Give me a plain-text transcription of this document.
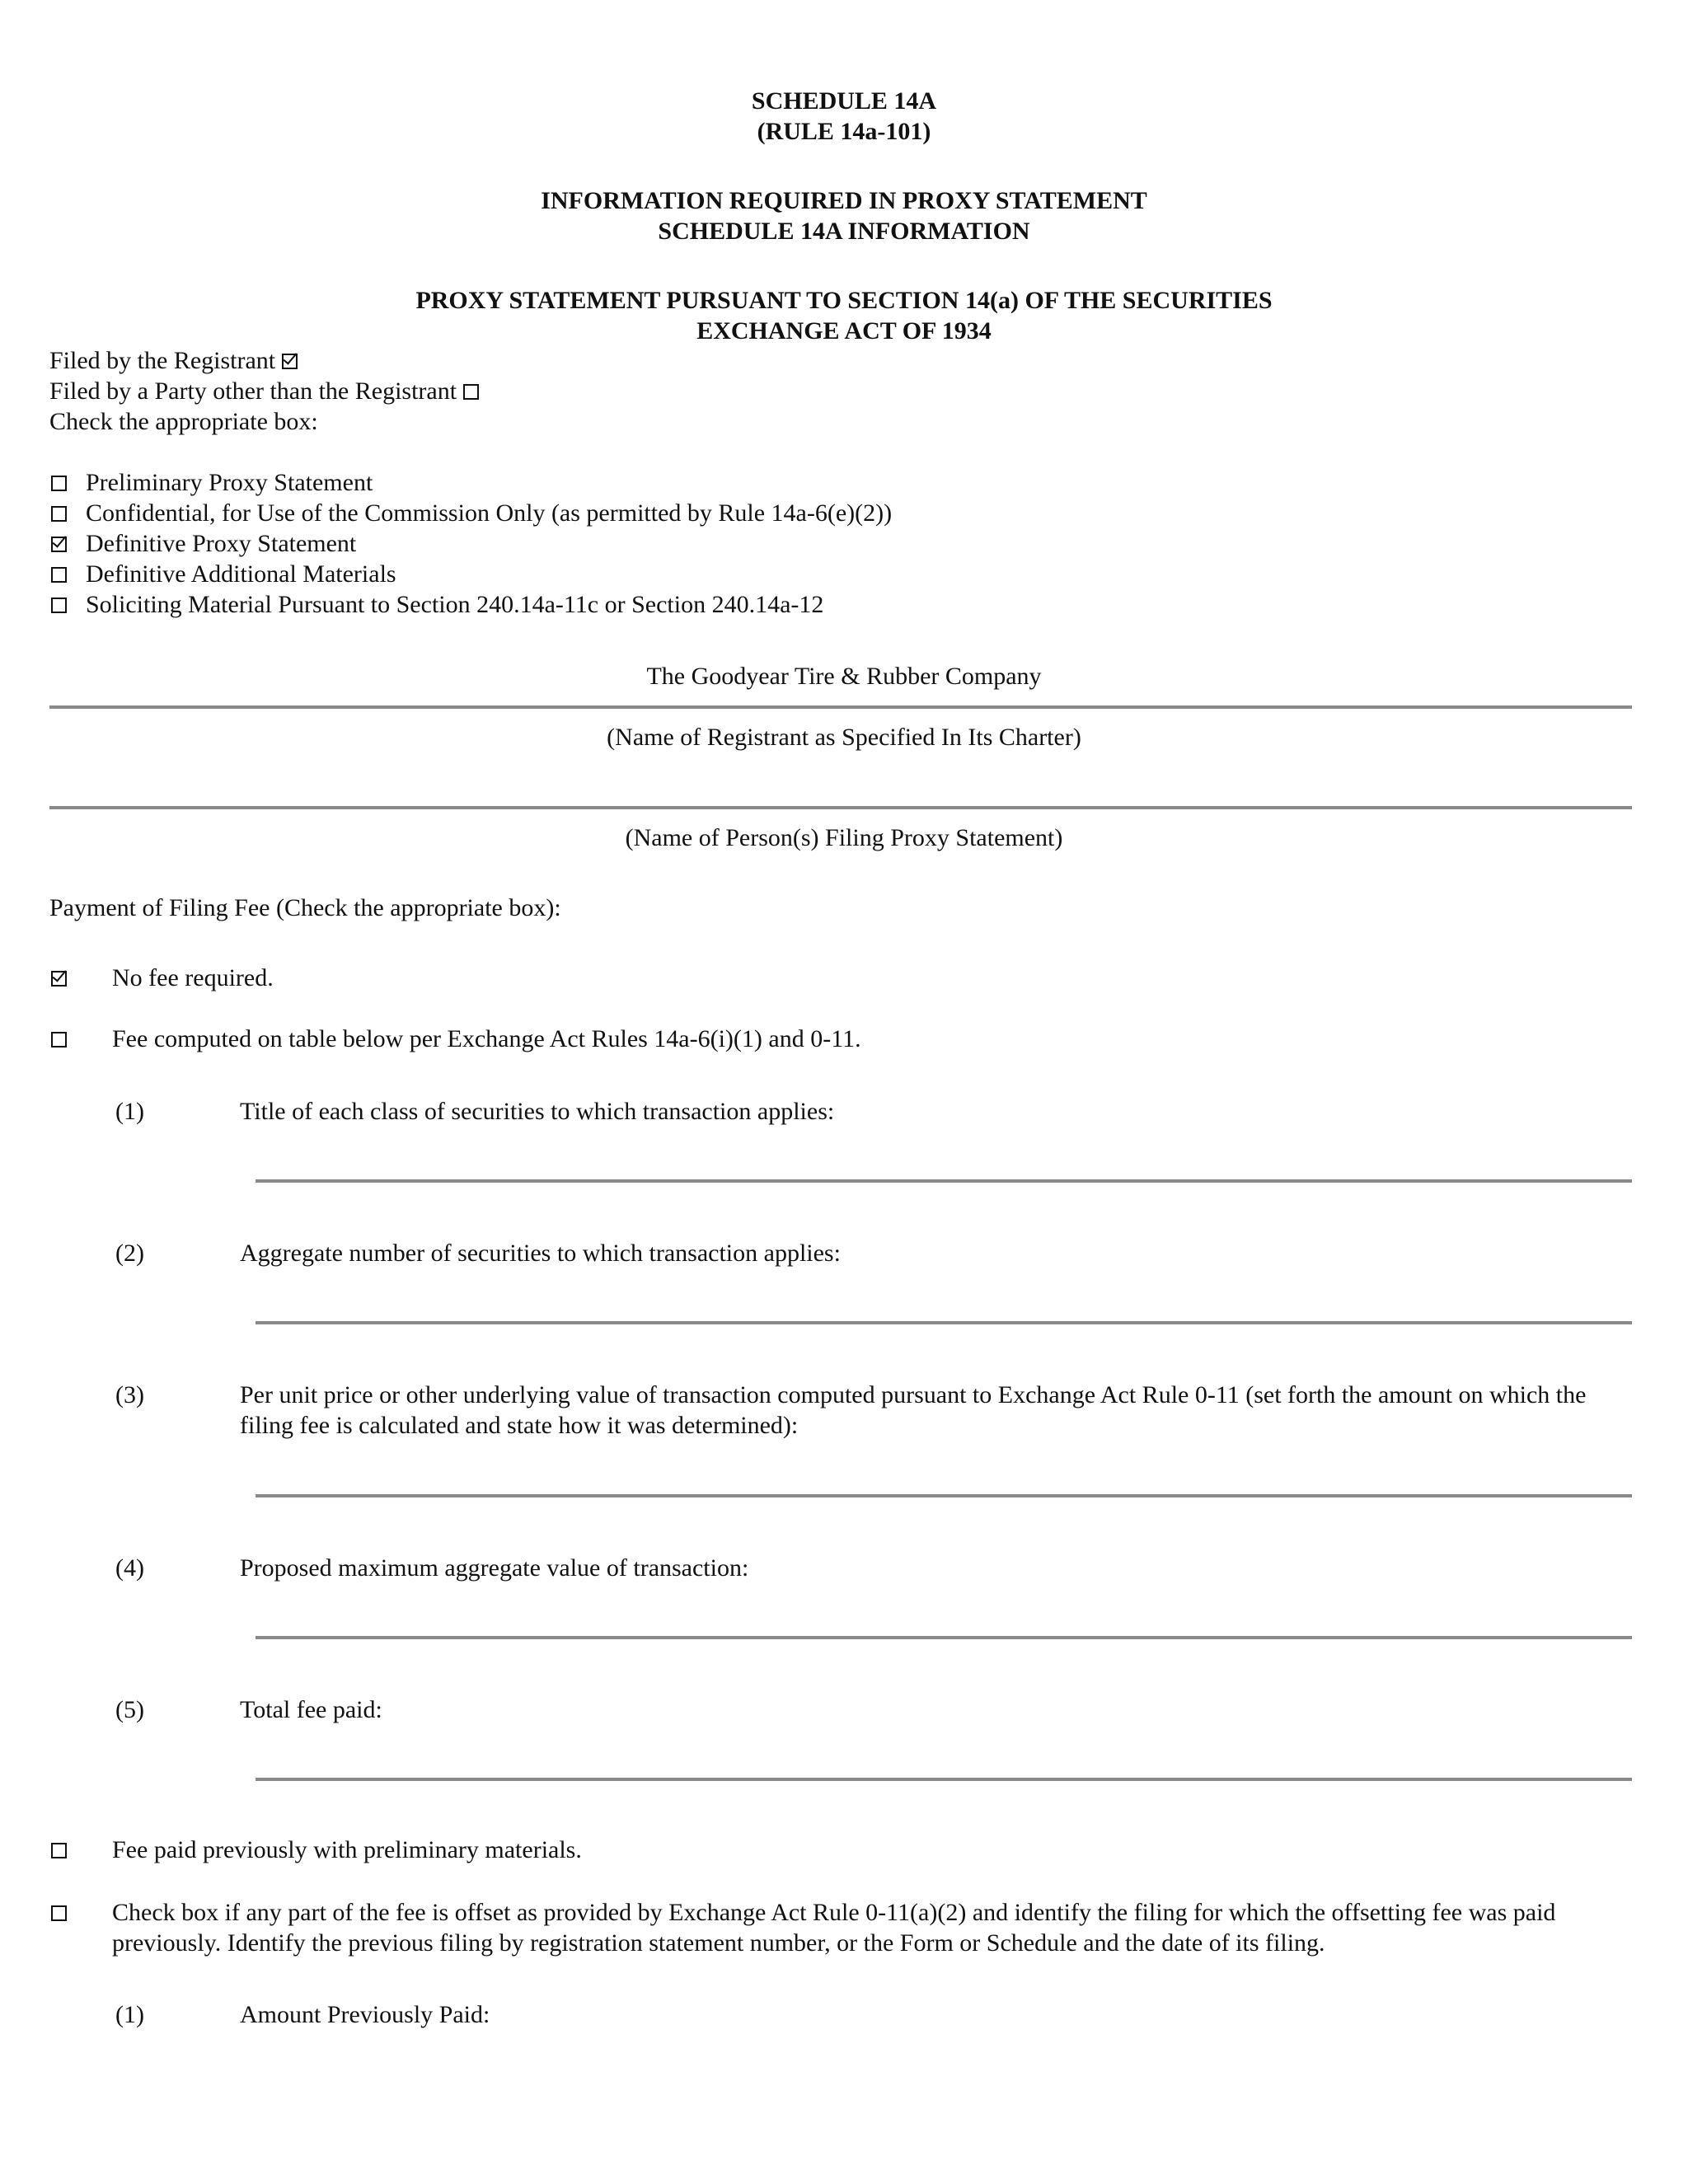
SCHEDULE 14A
(RULE 14a-101)
INFORMATION REQUIRED IN PROXY STATEMENT
SCHEDULE 14A INFORMATION
PROXY STATEMENT PURSUANT TO SECTION 14(a) OF THE SECURITIES
EXCHANGE ACT OF 1934
Filed by the Registrant
Filed by a Party other than the Registrant
Check the appropriate box:
Preliminary Proxy Statement
Confidential, for Use of the Commission Only (as permitted by Rule 14a-6(e)(2))
Definitive Proxy Statement
Definitive Additional Materials
Soliciting Material Pursuant to Section 240.14a-11c or Section 240.14a-12
The Goodyear Tire & Rubber Company
(Name of Registrant as Specified In Its Charter)
(Name of Person(s) Filing Proxy Statement)
Payment of Filing Fee (Check the appropriate box):
No fee required.
Fee computed on table below per Exchange Act Rules 14a-6(i)(1) and 0-11.
(1)	Title of each class of securities to which transaction applies:
(2)	Aggregate number of securities to which transaction applies:
(3)	Per unit price or other underlying value of transaction computed pursuant to Exchange Act Rule 0-11 (set forth the amount on which the filing fee is calculated and state how it was determined):
(4)	Proposed maximum aggregate value of transaction:
(5)	Total fee paid:
Fee paid previously with preliminary materials.
Check box if any part of the fee is offset as provided by Exchange Act Rule 0-11(a)(2) and identify the filing for which the offsetting fee was paid previously. Identify the previous filing by registration statement number, or the Form or Schedule and the date of its filing.
(1)	Amount Previously Paid:
